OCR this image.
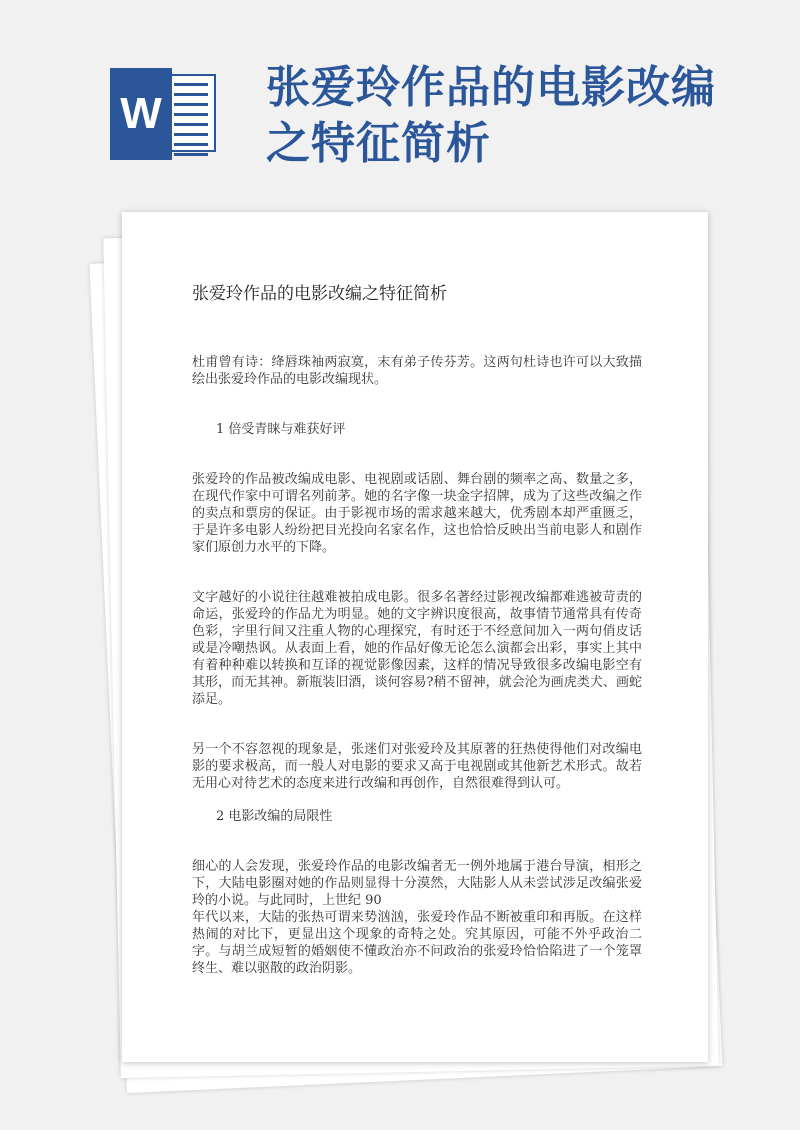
W
张爱玲作品的电影改编之特征简析
张爱玲作品的电影改编之特征简析

杜甫曾有诗：绛唇珠袖两寂寞，末有弟子传芬芳。这两句杜诗也许可以大致描绘出张爱玲作品的电影改编现状。

1 倍受青睐与难获好评

张爱玲的作品被改编成电影、电视剧或话剧、舞台剧的频率之高、数量之多，在现代作家中可谓名列前茅。她的名字像一块金字招牌，成为了这些改编之作的卖点和票房的保证。由于影视市场的需求越来越大，优秀剧本却严重匮乏，于是许多电影人纷纷把目光投向名家名作，这也恰恰反映出当前电影人和剧作家们原创力水平的下降。

文字越好的小说往往越难被拍成电影。很多名著经过影视改编都难逃被苛责的命运，张爱玲的作品尤为明显。她的文字辨识度很高，故事情节通常具有传奇色彩，字里行间又注重人物的心理探究，有时还于不经意间加入一两句俏皮话或是冷嘲热讽。从表面上看，她的作品好像无论怎么演都会出彩，事实上其中有着种种难以转换和互译的视觉影像因素，这样的情况导致很多改编电影空有其形，而无其神。新瓶装旧酒，谈何容易?稍不留神，就会沦为画虎类犬、画蛇添足。

另一个不容忽视的现象是，张迷们对张爱玲及其原著的狂热使得他们对改编电影的要求极高，而一般人对电影的要求又高于电视剧或其他新艺术形式。故若无用心对待艺术的态度来进行改编和再创作，自然很难得到认可。

2 电影改编的局限性

细心的人会发现，张爱玲作品的电影改编者无一例外地属于港台导演，相形之下，大陆电影圈对她的作品则显得十分漠然，大陆影人从未尝试涉足改编张爱玲的小说。与此同时，上世纪 90

年代以来，大陆的张热可谓来势汹汹，张爱玲作品不断被重印和再版。在这样热闹的对比下，更显出这个现象的奇特之处。究其原因，可能不外乎政治二字。与胡兰成短暂的婚姻使不懂政治亦不问政治的张爱玲恰恰陷进了一个笼罩终生、难以驱散的政治阴影。
